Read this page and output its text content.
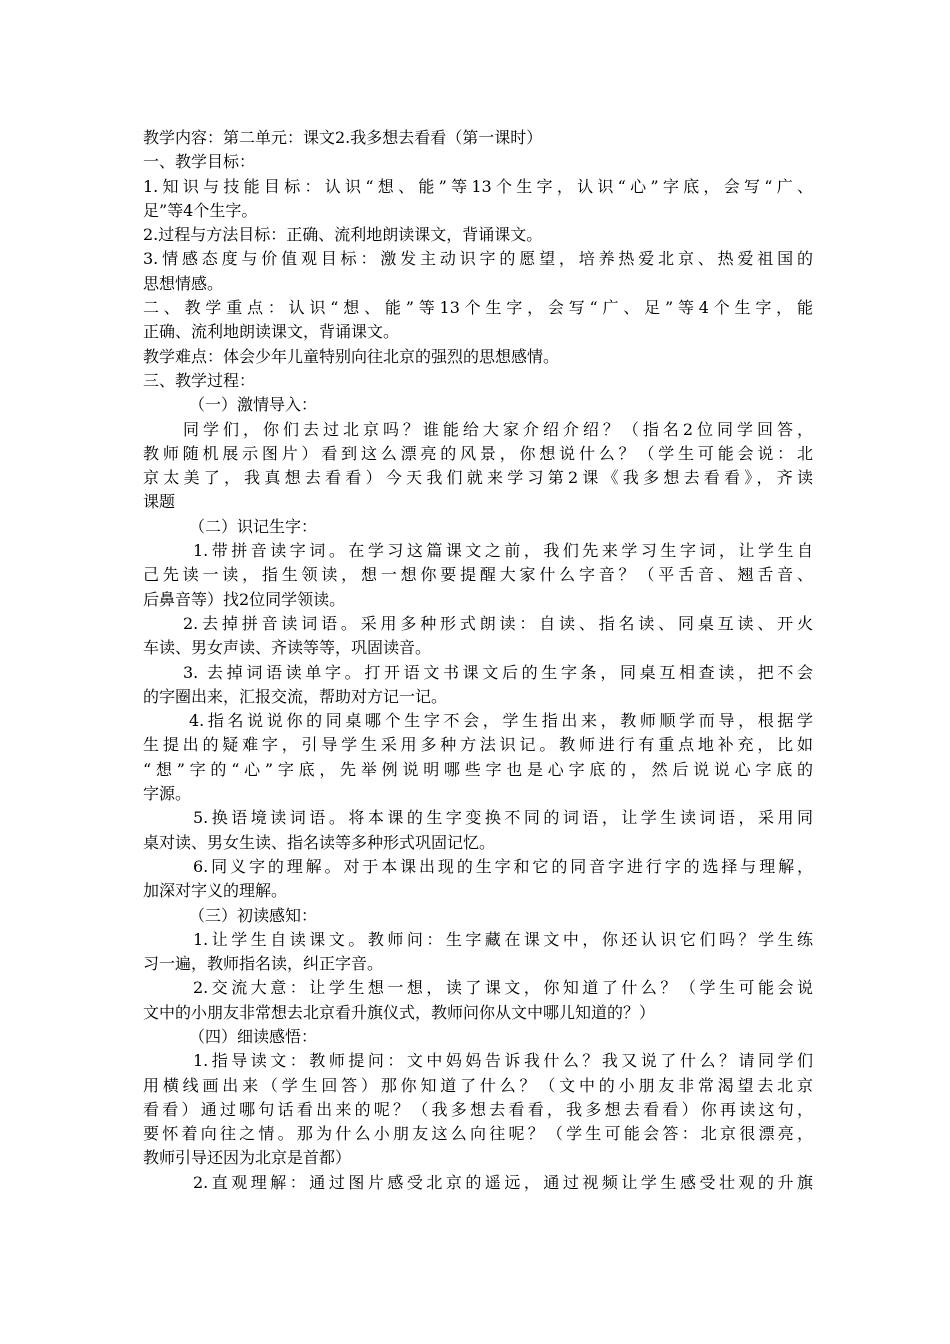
教学内容：第二单元：课文2.我多想去看看（第一课时）

一、教学目标：

1.知识与技能目标：认识“想、能”等13个生字，认识“心”字底，会写“广、

足”等4个生字。

2.过程与方法目标：正确、流利地朗读课文，背诵课文。

3.情感态度与价值观目标：激发主动识字的愿望，培养热爱北京、热爱祖国的

思想情感。

二、教学重点：认识“想、能”等13个生字，会写“广、足”等4个生字，能

正确、流利地朗读课文，背诵课文。

教学难点：体会少年儿童特别向往北京的强烈的思想感情。

三、教学过程：

（一）激情导入：

同学们，你们去过北京吗？谁能给大家介绍介绍？（指名2位同学回答，

教师随机展示图片）看到这么漂亮的风景，你想说什么？（学生可能会说：北

京太美了，我真想去看看）今天我们就来学习第2课《我多想去看看》，齐读

课题

（二）识记生字：

1.带拼音读字词。在学习这篇课文之前，我们先来学习生字词，让学生自

己先读一读，指生领读，想一想你要提醒大家什么字音？（平舌音、翘舌音、

后鼻音等）找2位同学领读。

2.去掉拼音读词语。采用多种形式朗读：自读、指名读、同桌互读、开火

车读、男女声读、齐读等等，巩固读音。

3. 去掉词语读单字。打开语文书课文后的生字条，同桌互相查读，把不会

的字圈出来，汇报交流，帮助对方记一记。

4.指名说说你的同桌哪个生字不会，学生指出来，教师顺学而导，根据学

生提出的疑难字，引导学生采用多种方法识记。教师进行有重点地补充，比如

“想”字的“心”字底，先举例说明哪些字也是心字底的，然后说说心字底的

字源。

5.换语境读词语。将本课的生字变换不同的词语，让学生读词语，采用同

桌对读、男女生读、指名读等多种形式巩固记忆。

6.同义字的理解。对于本课出现的生字和它的同音字进行字的选择与理解，

加深对字义的理解。

（三）初读感知：

1.让学生自读课文。教师问：生字藏在课文中，你还认识它们吗？学生练

习一遍，教师指名读，纠正字音。

2.交流大意：让学生想一想，读了课文，你知道了什么？（学生可能会说

文中的小朋友非常想去北京看升旗仪式，教师问你从文中哪儿知道的？）

（四）细读感悟：

1.指导读文：教师提问：文中妈妈告诉我什么？我又说了什么？请同学们

用横线画出来（学生回答）那你知道了什么？（文中的小朋友非常渴望去北京

看看）通过哪句话看出来的呢？（我多想去看看，我多想去看看）你再读这句，

要怀着向往之情。那为什么小朋友这么向往呢？（学生可能会答：北京很漂亮，

教师引导还因为北京是首都）

2.直观理解：通过图片感受北京的遥远，通过视频让学生感受壮观的升旗
